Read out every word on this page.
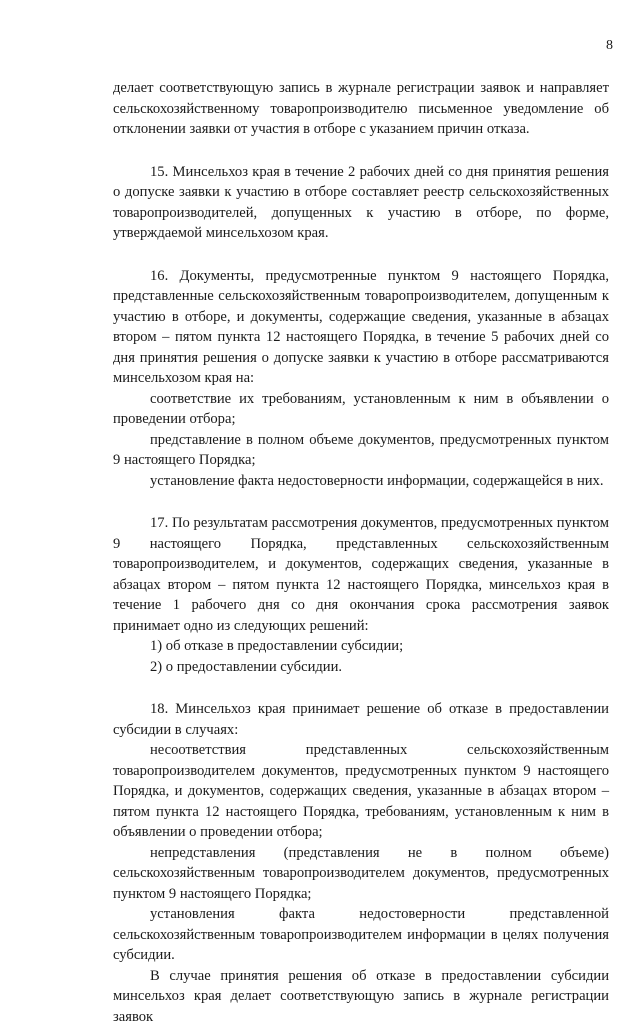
8

делает соответствующую запись в журнале регистрации заявок и направляет сельскохозяйственному товаропроизводителю письменное уведомление об отклонении заявки от участия в отборе с указанием причин отказа.

15. Минсельхоз края в течение 2 рабочих дней со дня принятия решения о допуске заявки к участию в отборе составляет реестр сельскохозяйственных товаропроизводителей, допущенных к участию в отборе, по форме, утверждаемой минсельхозом края.

16. Документы, предусмотренные пунктом 9 настоящего Порядка, представленные сельскохозяйственным товаропроизводителем, допущенным к участию в отборе, и документы, содержащие сведения, указанные в абзацах втором – пятом пункта 12 настоящего Порядка, в течение 5 рабочих дней со дня принятия решения о допуске заявки к участию в отборе рассматриваются минсельхозом края на:

соответствие их требованиям, установленным к ним в объявлении о проведении отбора;

представление в полном объеме документов, предусмотренных пунктом 9 настоящего Порядка;

установление факта недостоверности информации, содержащейся в них.

17. По результатам рассмотрения документов, предусмотренных пунктом 9 настоящего Порядка, представленных сельскохозяйственным товаропроизводителем, и документов, содержащих сведения, указанные в абзацах втором – пятом пункта 12 настоящего Порядка, минсельхоз края в течение 1 рабочего дня со дня окончания срока рассмотрения заявок принимает одно из следующих решений:

1) об отказе в предоставлении субсидии;

2) о предоставлении субсидии.

18. Минсельхоз края принимает решение об отказе в предоставлении субсидии в случаях:

несоответствия представленных сельскохозяйственным товаропроизводителем документов, предусмотренных пунктом 9 настоящего Порядка, и документов, содержащих сведения, указанные в абзацах втором – пятом пункта 12 настоящего Порядка, требованиям, установленным к ним в объявлении о проведении отбора;

непредставления (представления не в полном объеме) сельскохозяйственным товаропроизводителем документов, предусмотренных пунктом 9 настоящего Порядка;

установления факта недостоверности представленной сельскохозяйственным товаропроизводителем информации в целях получения субсидии.

В случае принятия решения об отказе в предоставлении субсидии минсельхоз края делает соответствующую запись в журнале регистрации заявок
